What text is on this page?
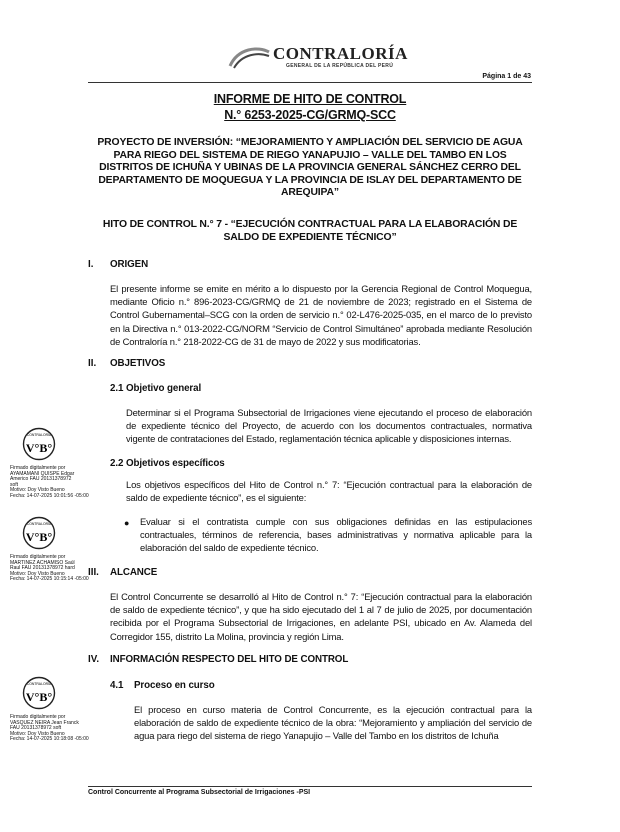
CONTRALORÍA
GENERAL DE LA REPÚBLICA DEL PERÚ
Página 1 de 43
INFORME DE HITO DE CONTROL
N.° 6253-2025-CG/GRMQ-SCC
PROYECTO DE INVERSIÓN: “MEJORAMIENTO Y AMPLIACIÓN DEL SERVICIO DE AGUA
PARA RIEGO DEL SISTEMA DE RIEGO YANAPUJIO – VALLE DEL TAMBO EN LOS
DISTRITOS DE ICHUÑA Y UBINAS DE LA PROVINCIA GENERAL SÁNCHEZ CERRO DEL
DEPARTAMENTO DE MOQUEGUA Y LA PROVINCIA DE ISLAY DEL DEPARTAMENTO DE
AREQUIPA”
HITO DE CONTROL N.° 7 - “EJECUCIÓN CONTRACTUAL PARA LA ELABORACIÓN DE
SALDO DE EXPEDIENTE TÉCNICO”
I. ORIGEN
El presente informe se emite en mérito a lo dispuesto por la Gerencia Regional de Control Moquegua, mediante Oficio n.° 896-2023-CG/GRMQ de 21 de noviembre de 2023; registrado en el Sistema de Control Gubernamental–SCG con la orden de servicio n.° 02-L476-2025-035, en el marco de lo previsto en la Directiva n.° 013-2022-CG/NORM “Servicio de Control Simultáneo” aprobada mediante Resolución de Contraloría n.° 218-2022-CG de 31 de mayo de 2022 y sus modificatorias.
II. OBJETIVOS
2.1 Objetivo general
Determinar si el Programa Subsectorial de Irrigaciones viene ejecutando el proceso de elaboración de expediente técnico del Proyecto, de acuerdo con los documentos contractuales, normativa vigente de contrataciones del Estado, reglamentación técnica aplicable y disposiciones internas.
2.2 Objetivos específicos
Los objetivos específicos del Hito de Control n.° 7: “Ejecución contractual para la elaboración de saldo de expediente técnico”, es el siguiente:
● Evaluar si el contratista cumple con sus obligaciones definidas en las estipulaciones contractuales, términos de referencia, bases administrativas y normativa aplicable para la elaboración del saldo de expediente técnico.
III. ALCANCE
El Control Concurrente se desarrolló al Hito de Control n.° 7: “Ejecución contractual para la elaboración de saldo de expediente técnico”, y que ha sido ejecutado del 1 al 7 de julio de 2025, por documentación recibida por el Programa Subsectorial de Irrigaciones, en adelante PSI, ubicado en Av. Alameda del Corregidor 155, distrito La Molina, provincia y región Lima.
IV. INFORMACIÓN RESPECTO DEL HITO DE CONTROL
4.1 Proceso en curso
El proceso en curso materia de Control Concurrente, es la ejecución contractual para la elaboración de saldo de expediente técnico de la obra: “Mejoramiento y ampliación del servicio de agua para riego del sistema de riego Yanapujio – Valle del Tambo en los distritos de Ichuña
CONTRALORÍA
V°B°
Firmado digitalmente por
AYAMAMANI QUISPE Edgar
Americo FAU 20131378972
soft
Motivo: Doy Visto Bueno
Fecha: 14-07-2025 10:01:56 -05:00
CONTRALORÍA
V°B°
Firmado digitalmente por
MARTINEZ ACHAMISO Saúl
Raul FAU 20131378972 hard
Motivo: Doy Visto Bueno
Fecha: 14-07-2025 10:15:14 -05:00
CONTRALORÍA
V°B°
Firmado digitalmente por
VASQUEZ NEIRA Jean Franck
FAU 20131378972 soft
Motivo: Doy Visto Bueno
Fecha: 14-07-2025 10:18:08 -05:00
Control Concurrente al Programa Subsectorial de Irrigaciones -PSI
